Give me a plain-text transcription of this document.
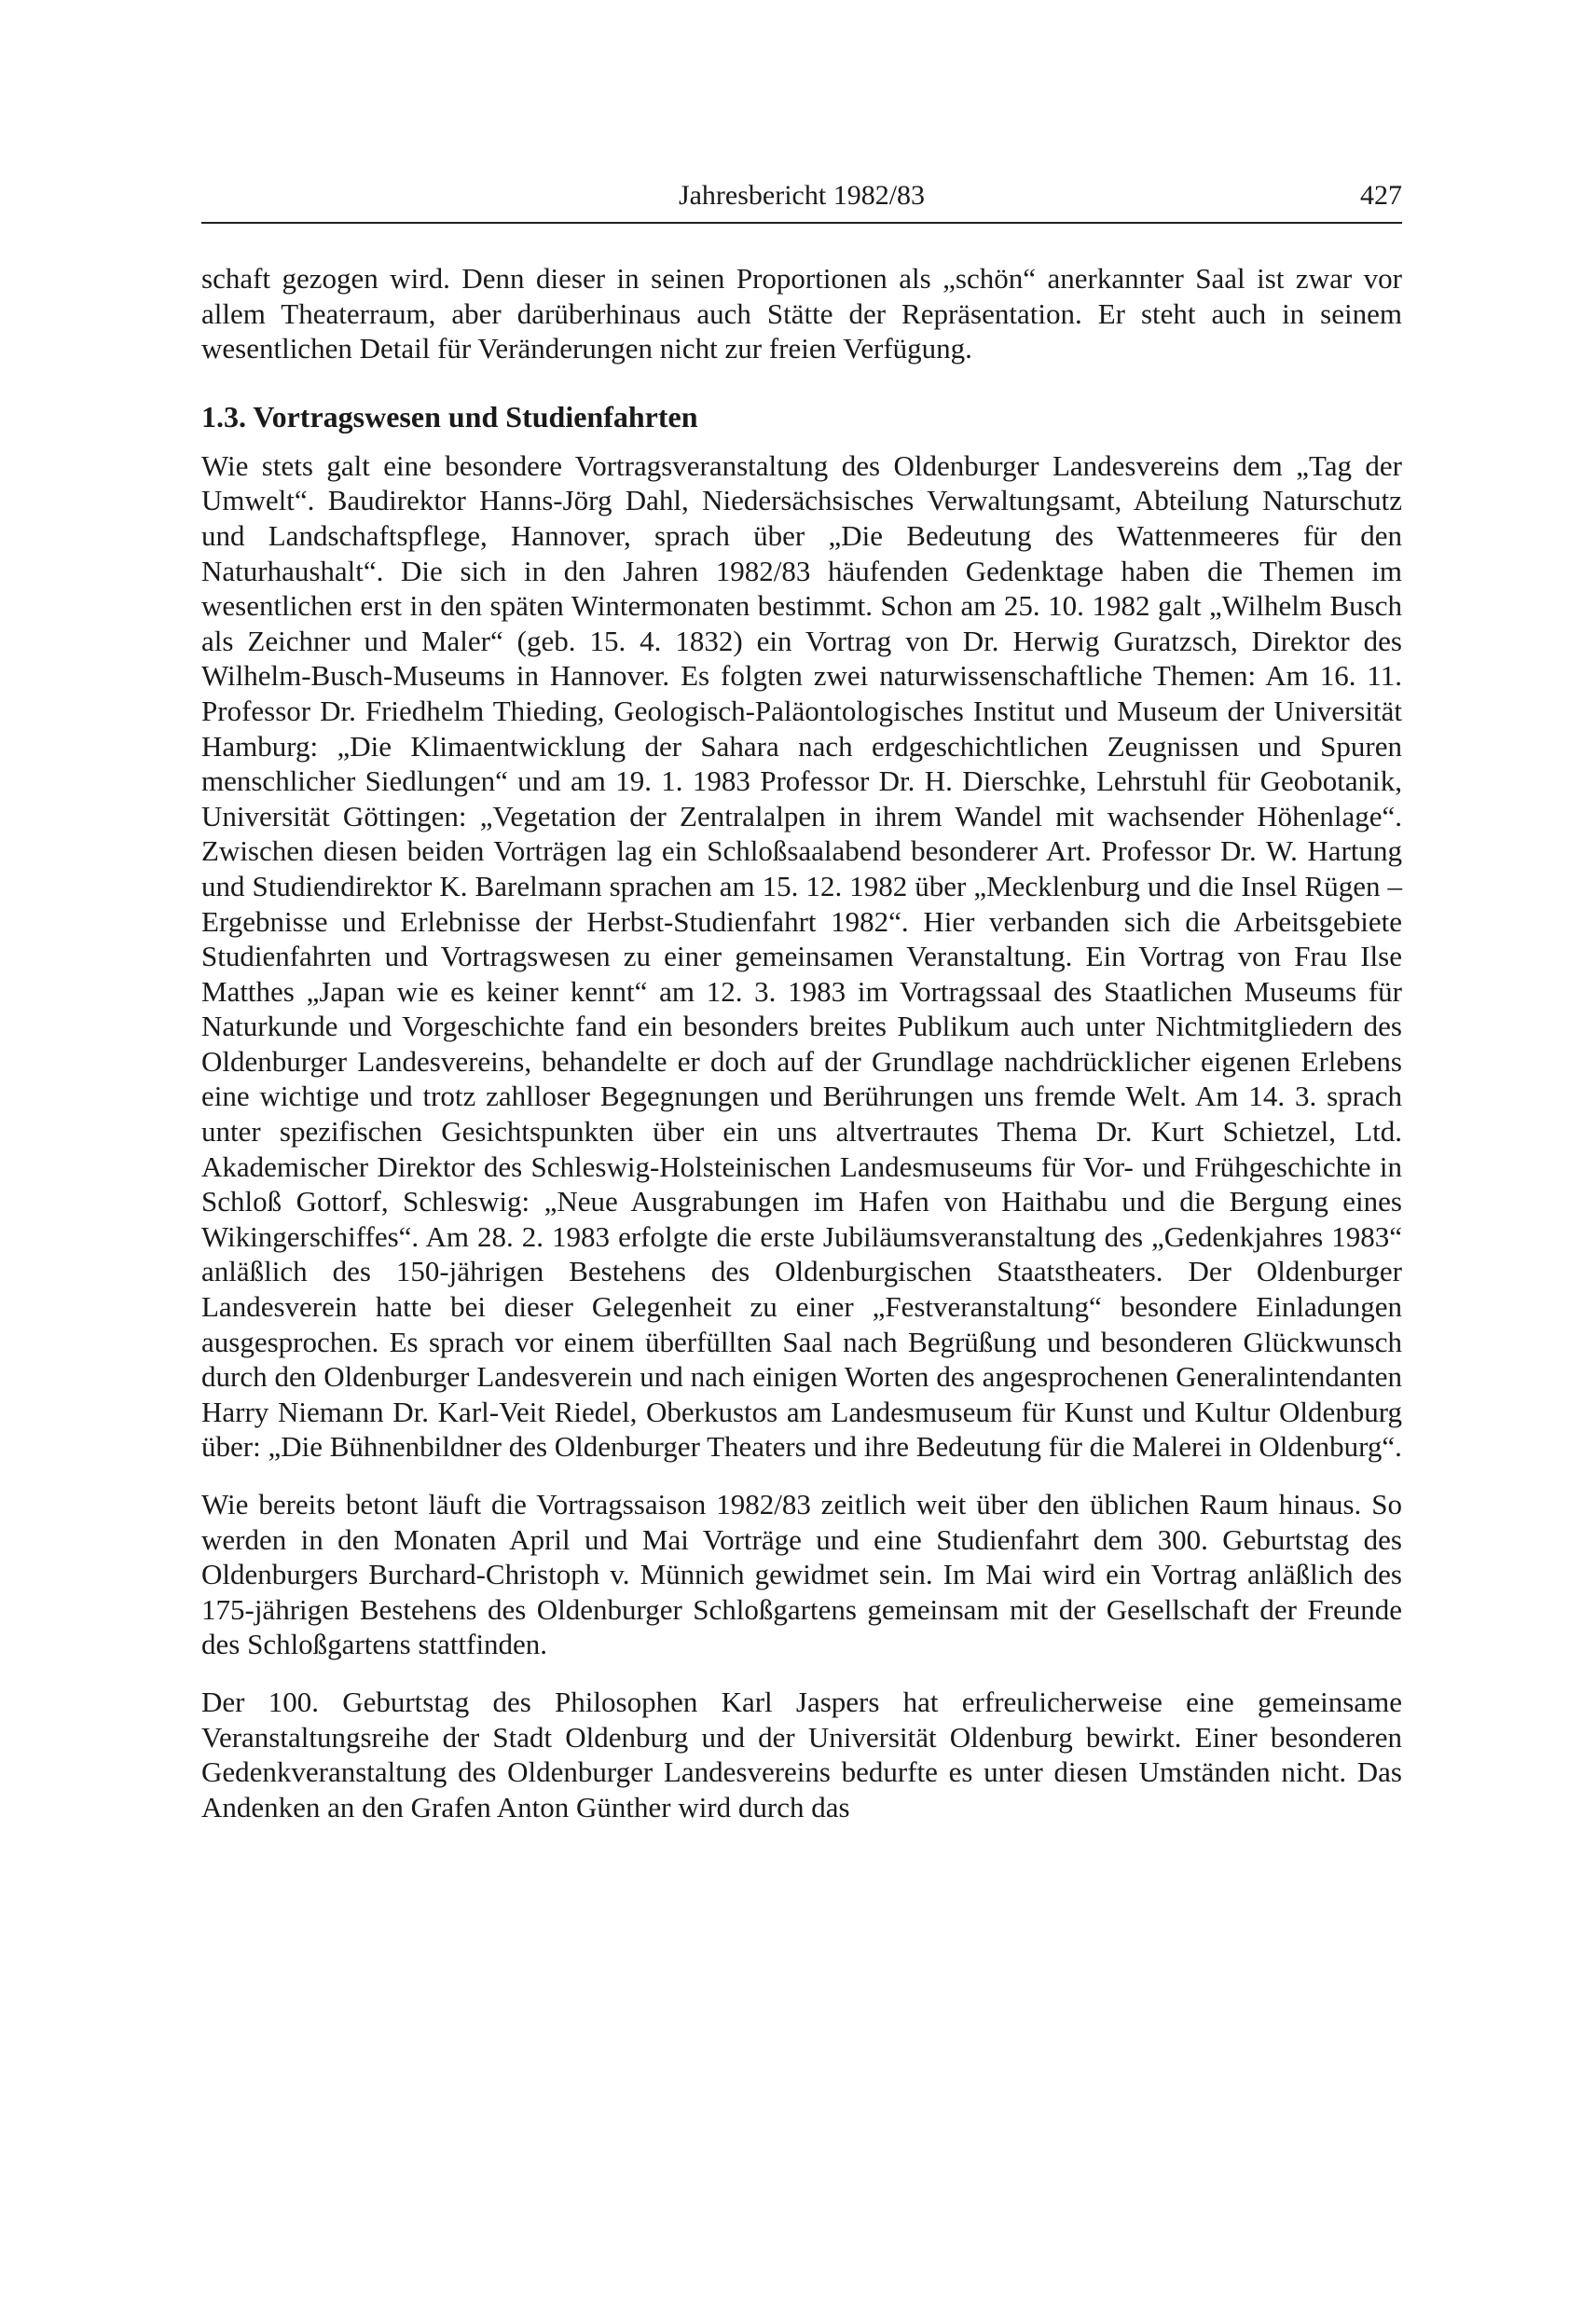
Jahresbericht 1982/83	427

schaft gezogen wird. Denn dieser in seinen Proportionen als „schön“ anerkannter Saal ist zwar vor allem Theaterraum, aber darüberhinaus auch Stätte der Repräsentation. Er steht auch in seinem wesentlichen Detail für Veränderungen nicht zur freien Verfügung.

1.3. Vortragswesen und Studienfahrten

Wie stets galt eine besondere Vortragsveranstaltung des Oldenburger Landesvereins dem „Tag der Umwelt“. Baudirektor Hanns-Jörg Dahl, Niedersächsisches Verwaltungsamt, Abteilung Naturschutz und Landschaftspflege, Hannover, sprach über „Die Bedeutung des Wattenmeeres für den Naturhaushalt“. Die sich in den Jahren 1982/83 häufenden Gedenktage haben die Themen im wesentlichen erst in den späten Wintermonaten bestimmt. Schon am 25. 10. 1982 galt „Wilhelm Busch als Zeichner und Maler“ (geb. 15. 4. 1832) ein Vortrag von Dr. Herwig Guratzsch, Direktor des Wilhelm-Busch-Museums in Hannover. Es folgten zwei naturwissenschaftliche Themen: Am 16. 11. Professor Dr. Friedhelm Thieding, Geologisch-Paläontologisches Institut und Museum der Universität Hamburg: „Die Klimaentwicklung der Sahara nach erdgeschichtlichen Zeugnissen und Spuren menschlicher Siedlungen“ und am 19. 1. 1983 Professor Dr. H. Dierschke, Lehrstuhl für Geobotanik, Universität Göttingen: „Vegetation der Zentralalpen in ihrem Wandel mit wachsender Höhenlage“. Zwischen diesen beiden Vorträgen lag ein Schloßsaalabend besonderer Art. Professor Dr. W. Hartung und Studiendirektor K. Barelmann sprachen am 15. 12. 1982 über „Mecklenburg und die Insel Rügen – Ergebnisse und Erlebnisse der Herbst-Studienfahrt 1982“. Hier verbanden sich die Arbeitsgebiete Studienfahrten und Vortragswesen zu einer gemeinsamen Veranstaltung. Ein Vortrag von Frau Ilse Matthes „Japan wie es keiner kennt“ am 12. 3. 1983 im Vortragssaal des Staatlichen Museums für Naturkunde und Vorgeschichte fand ein besonders breites Publikum auch unter Nichtmitgliedern des Oldenburger Landesvereins, behandelte er doch auf der Grundlage nachdrücklicher eigenen Erlebens eine wichtige und trotz zahlloser Begegnungen und Berührungen uns fremde Welt. Am 14. 3. sprach unter spezifischen Gesichtspunkten über ein uns altvertrautes Thema Dr. Kurt Schietzel, Ltd. Akademischer Direktor des Schleswig-Holsteinischen Landesmuseums für Vor- und Frühgeschichte in Schloß Gottorf, Schleswig: „Neue Ausgrabungen im Hafen von Haithabu und die Bergung eines Wikingerschiffes“. Am 28. 2. 1983 erfolgte die erste Jubiläumsveranstaltung des „Gedenkjahres 1983“ anläßlich des 150-jährigen Bestehens des Oldenburgischen Staatstheaters. Der Oldenburger Landesverein hatte bei dieser Gelegenheit zu einer „Festveranstaltung“ besondere Einladungen ausgesprochen. Es sprach vor einem überfüllten Saal nach Begrüßung und besonderen Glückwunsch durch den Oldenburger Landesverein und nach einigen Worten des angesprochenen Generalintendanten Harry Niemann Dr. Karl-Veit Riedel, Oberkustos am Landesmuseum für Kunst und Kultur Oldenburg über: „Die Bühnenbildner des Oldenburger Theaters und ihre Bedeutung für die Malerei in Oldenburg“.

Wie bereits betont läuft die Vortragssaison 1982/83 zeitlich weit über den üblichen Raum hinaus. So werden in den Monaten April und Mai Vorträge und eine Studienfahrt dem 300. Geburtstag des Oldenburgers Burchard-Christoph v. Münnich gewidmet sein. Im Mai wird ein Vortrag anläßlich des 175-jährigen Bestehens des Oldenburger Schloßgartens gemeinsam mit der Gesellschaft der Freunde des Schloßgartens stattfinden.

Der 100. Geburtstag des Philosophen Karl Jaspers hat erfreulicherweise eine gemeinsame Veranstaltungsreihe der Stadt Oldenburg und der Universität Oldenburg bewirkt. Einer besonderen Gedenkveranstaltung des Oldenburger Landesvereins bedurfte es unter diesen Umständen nicht. Das Andenken an den Grafen Anton Günther wird durch das
